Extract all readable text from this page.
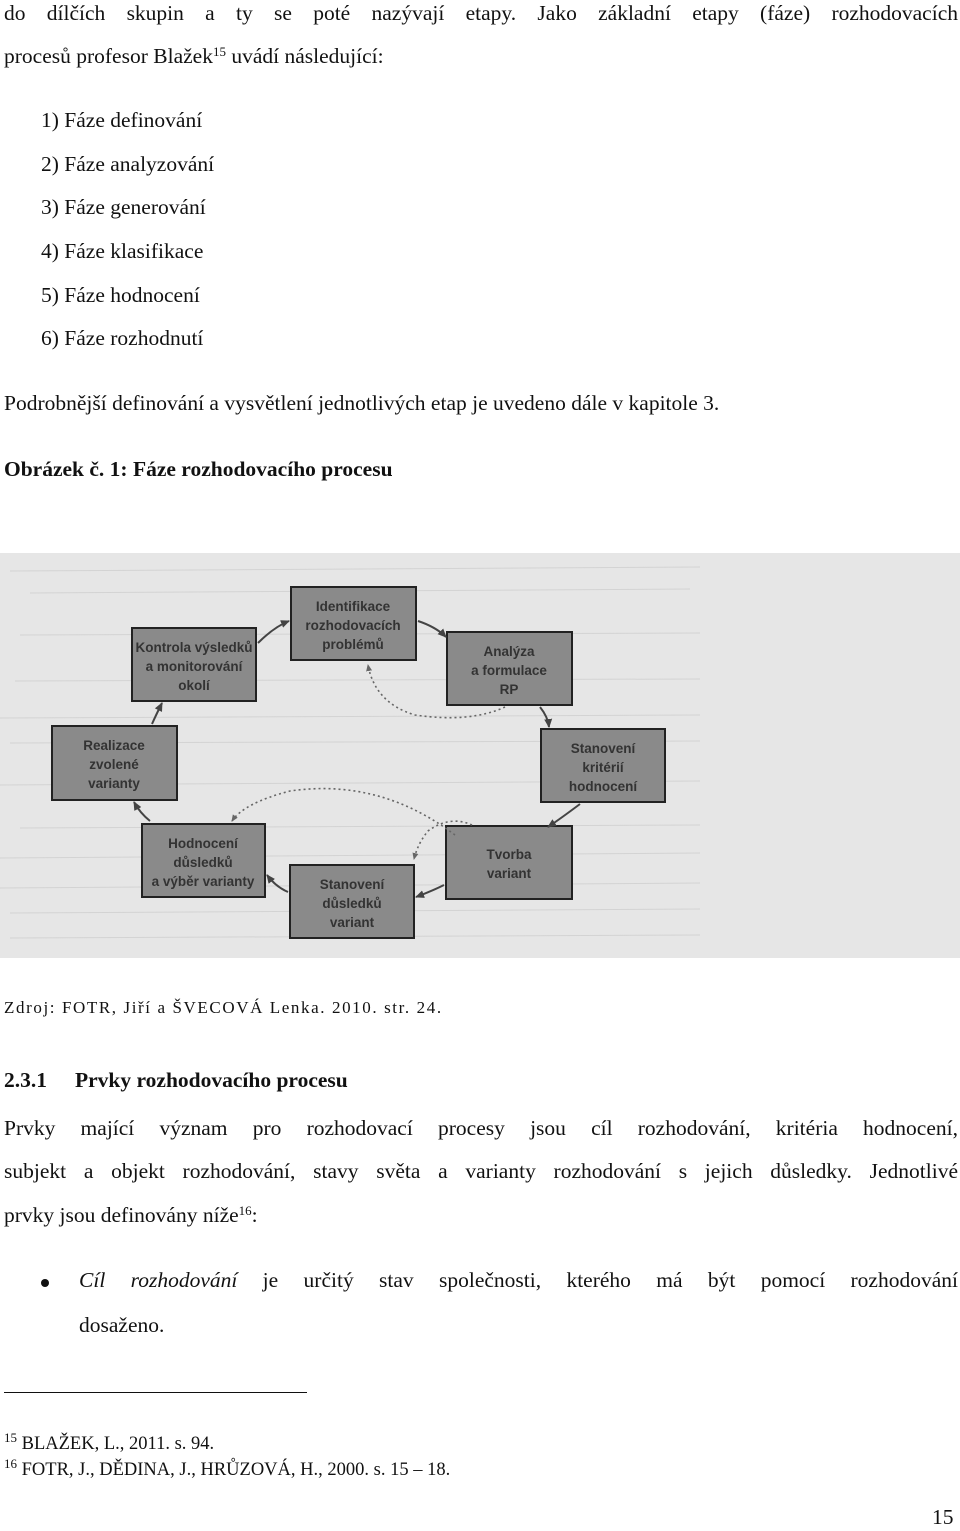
do dílčích skupin a ty se poté nazývají etapy. Jako základní etapy (fáze) rozhodovacích
procesů profesor Blažek$^{15}$ uvádí následující:
1) Fáze definování
2) Fáze analyzování
3) Fáze generování
4) Fáze klasifikace
5) Fáze hodnocení
6) Fáze rozhodnutí
Podrobnější definování a vysvětlení jednotlivých etap je uvedeno dále v kapitole 3.
Obrázek č. 1: Fáze rozhodovacího procesu
Identifikace
rozhodovacích
problémů	Analýza
a formulace
RP
Stanovení
kritérií
hodnocení
Tvorba
variant
Stanovení
důsledků
variant
Hodnocení
důsledků
a výběr varianty
Realizace
zvolené
varianty
Kontrola výsledků
a monitorování
okolí
Zdroj: FOTR, Jiří a ŠVECOVÁ Lenka. 2010. str. 24.
2.3.1 Prvky rozhodovacího procesu
Prvky mající význam pro rozhodovací procesy jsou cíl rozhodování, kritéria hodnocení,
subjekt a objekt rozhodování, stavy světa a varianty rozhodování s jejich důsledky. Jednotlivé
prvky jsou definovány níže$^{16}$:
Cíl rozhodování je určitý stav společnosti, kterého má být pomocí rozhodování
dosaženo.
$^{15}$ BLAŽEK, L., 2011. s. 94.
$^{16}$ FOTR, J., DĚDINA, J., HRŮZOVÁ, H., 2000. s. 15 – 18.
15
